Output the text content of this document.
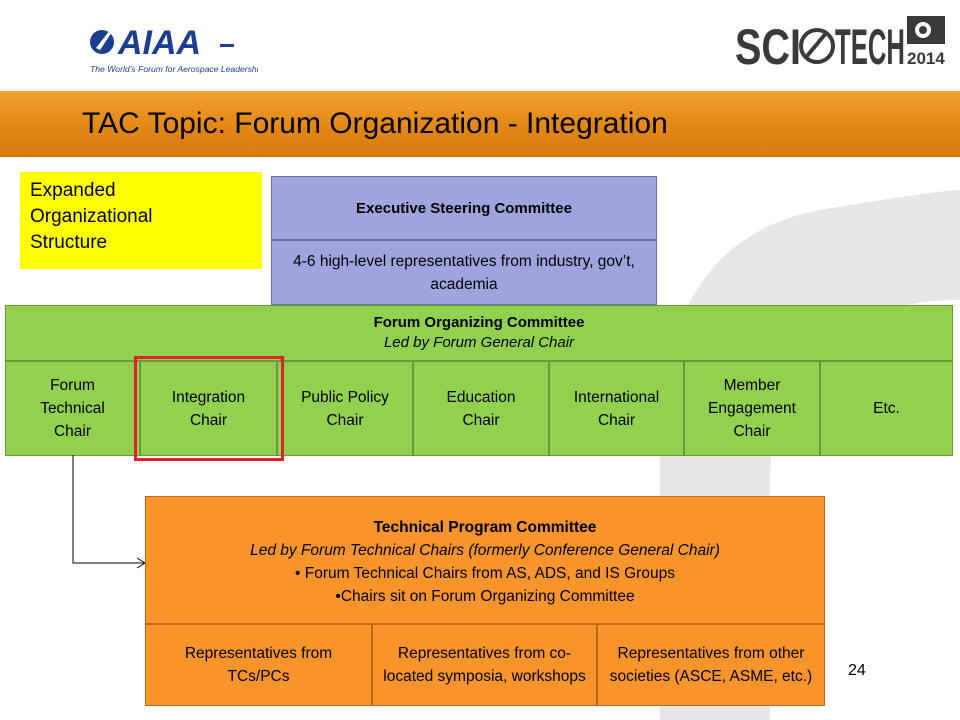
AIAA
The World’s Forum for Aerospace Leadership	SCI TECH 2014
TAC Topic: Forum Organization - Integration
Expanded
Organizational
Structure
Executive Steering Committee
4-6 high-level representatives from industry, gov’t, academia
Forum Organizing Committee
Led by Forum General Chair
Forum Technical Chair
Integration Chair
Public Policy Chair
Education Chair
International Chair
Member Engagement Chair
Etc.
Technical Program Committee
Led by Forum Technical Chairs (formerly Conference General Chair)
• Forum Technical Chairs from AS, ADS, and IS Groups
•Chairs sit on Forum Organizing Committee
Representatives from TCs/PCs
Representatives from co-located symposia, workshops
Representatives from other societies (ASCE, ASME, etc.) 24
